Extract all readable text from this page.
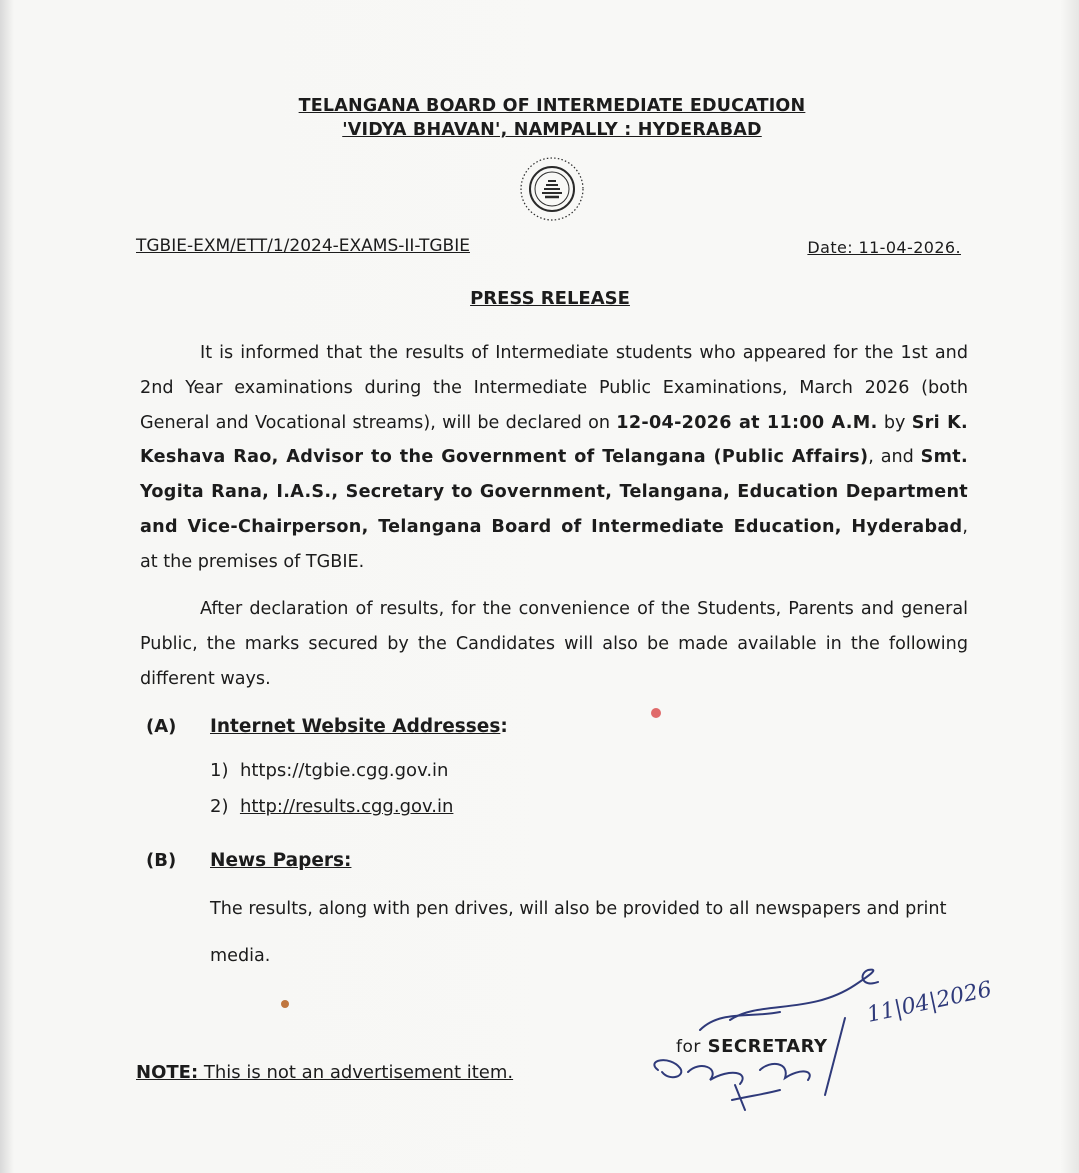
TELANGANA BOARD OF INTERMEDIATE EDUCATION
'VIDYA BHAVAN', NAMPALLY : HYDERABAD
TGBIE-EXM/ETT/1/2024-EXAMS-II-TGBIE	Date: 11-04-2026.
PRESS RELEASE
It is informed that the results of Intermediate students who appeared for the 1st and 2nd Year examinations during the Intermediate Public Examinations, March 2026 (both General and Vocational streams), will be declared on 12-04-2026 at 11:00 A.M. by Sri K. Keshava Rao, Advisor to the Government of Telangana (Public Affairs), and Smt. Yogita Rana, I.A.S., Secretary to Government, Telangana, Education Department and Vice-Chairperson, Telangana Board of Intermediate Education, Hyderabad, at the premises of TGBIE.
After declaration of results, for the convenience of the Students, Parents and general Public, the marks secured by the Candidates will also be made available in the following different ways.
(A) Internet Website Addresses:
1) https://tgbie.cgg.gov.in
2) http://results.cgg.gov.in
(B) News Papers:
The results, along with pen drives, will also be provided to all newspapers and print media.
NOTE: This is not an advertisement item.
for SECRETARY
11|04|2026
